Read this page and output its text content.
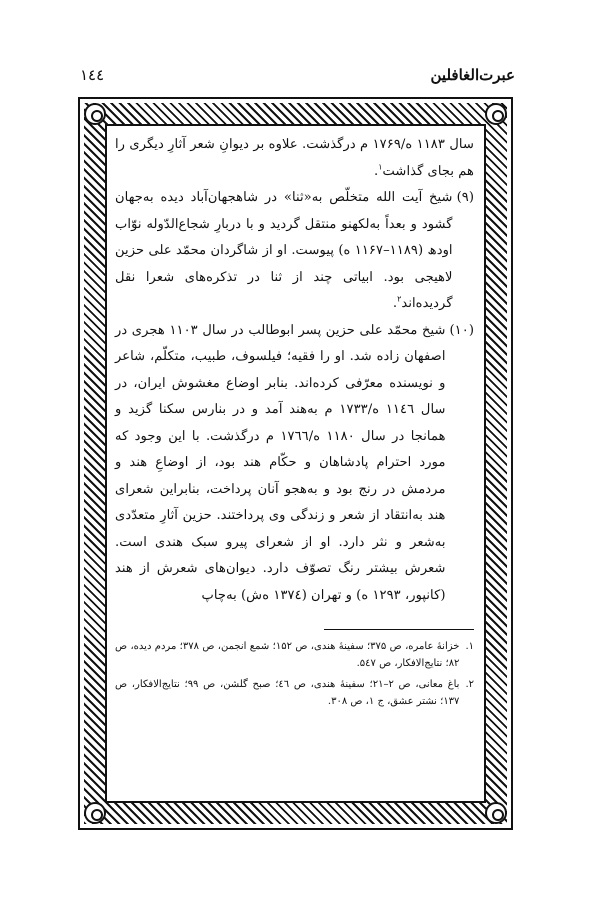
عبرت‌الغافلین
۱٤٤

سال ۱۱۸۳ ه/۱۷۶۹ م درگذشت. علاوه بر دیوانِ شعر آثارِ دیگری را هم بجای گذاشت$^۱$.

(۹)
شیخ آیت الله متخلّص به«ثنا» در شاهجهان‌آباد دیده به‌جهان گشود و بعداً به‌لکهنو منتقل گردید و با دربارِ شجاع‌الدّوله نوّاب اودھ (۱۱۸۹–۱۱۶۷ ه) پیوست. او از شاگردان محمّد علی حزین لاهیجی بود. ابیاتی چند از ثنا در تذکره‌های شعرا نقل گردیده‌اند$^۲$.
(۱۰)
شیخ محمّد علی حزین پسر ابوطالب در سال ۱۱۰۳ هجری در اصفهان زاده شد. او را فقیه؛ فیلسوف، طبیب، متکلّم، شاعر و نویسنده معرّفی کرده‌اند. بنابر اوضاع مغشوش ایران، در سال ۱۱٤٦ ه/۱۷۳۳ م به‌هند آمد و در بنارس سکنا گزید و همانجا در سال ۱۱۸۰ ه/۱۷٦٦ م درگذشت. با این وجود که مورد احترام پادشاهان و حکّام هند بود، از اوضاعِ هند و مردمش در رنج بود و به‌هجو آنان پرداخت، بنابراین شعرای هند به‌انتقاد از شعر و زندگی وی پرداختند. حزین آثارِ متعدّدی به‌شعر و نثر دارد. او از شعرای پیرو سبک هندی است. شعرش بیشتر رنگ تصوّف دارد. دیوان‌های شعرش از هند (کانپور، ۱۲۹۳ ه) و تهران (۱۳۷٤ ه‌ش) به‌چاپ
۱.
خزانهٔ عامره، ص ۳۷۵؛ سفینهٔ هندی، ص ۱۵۲؛ شمع انجمن، ص ۳۷۸؛ مردم دیده، ص ۸۲؛ نتایج‌الافکار، ص ۵٤۷.
۲.
باغ معانی، ص ۲–۲۱؛ سفینهٔ هندی، ص ٤٦؛ صبح گلشن، ص ۹۹؛ نتایج‌الافکار، ص ۱۳۷؛ نشتر عشق، ج ۱، ص ۳۰۸.
